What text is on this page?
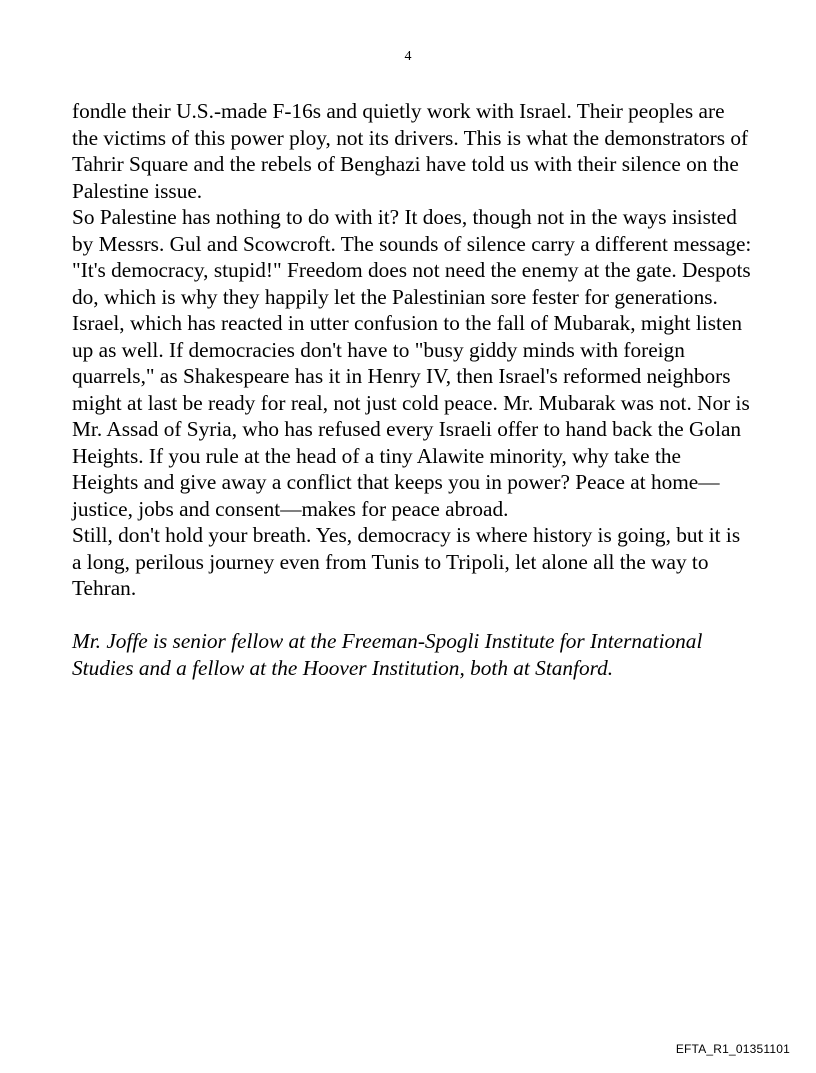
4

fondle their U.S.-made F-16s and quietly work with Israel. Their peoples are the victims of this power ploy, not its drivers. This is what the demonstrators of Tahrir Square and the rebels of Benghazi have told us with their silence on the Palestine issue.

So Palestine has nothing to do with it? It does, though not in the ways insisted by Messrs. Gul and Scowcroft. The sounds of silence carry a different message: "It's democracy, stupid!" Freedom does not need the enemy at the gate. Despots do, which is why they happily let the Palestinian sore fester for generations.

Israel, which has reacted in utter confusion to the fall of Mubarak, might listen up as well. If democracies don't have to "busy giddy minds with foreign quarrels," as Shakespeare has it in Henry IV, then Israel's reformed neighbors might at last be ready for real, not just cold peace. Mr. Mubarak was not. Nor is Mr. Assad of Syria, who has refused every Israeli offer to hand back the Golan Heights. If you rule at the head of a tiny Alawite minority, why take the Heights and give away a conflict that keeps you in power? Peace at home—justice, jobs and consent—makes for peace abroad.

Still, don't hold your breath. Yes, democracy is where history is going, but it is a long, perilous journey even from Tunis to Tripoli, let alone all the way to Tehran.

Mr. Joffe is senior fellow at the Freeman-Spogli Institute for International Studies and a fellow at the Hoover Institution, both at Stanford.

EFTA_R1_01351101
